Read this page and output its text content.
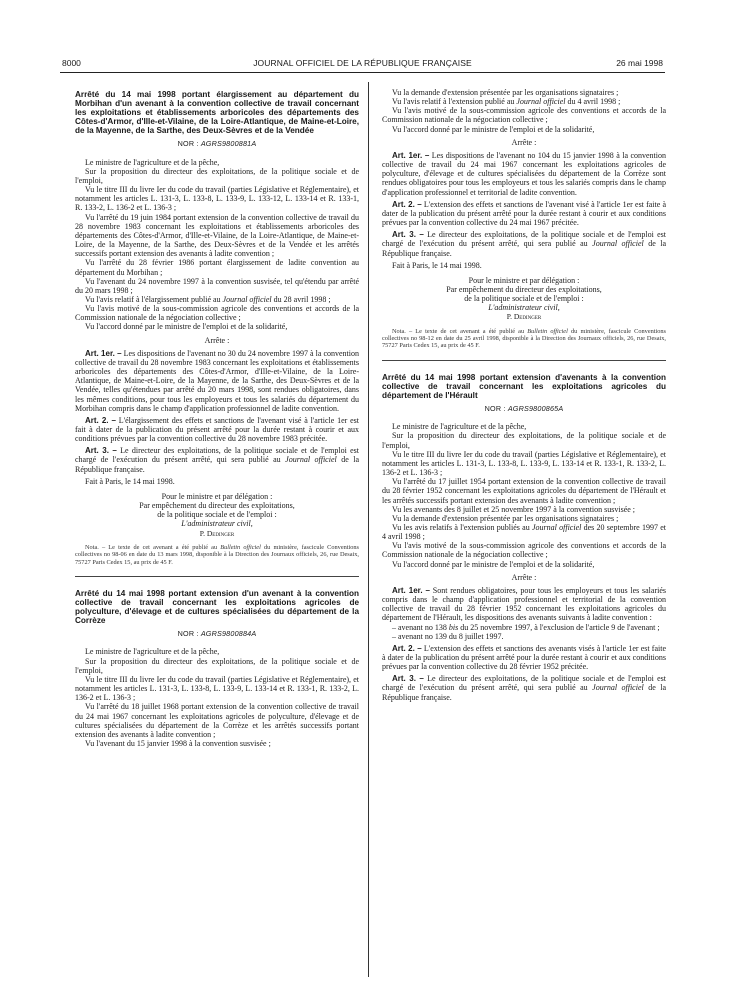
8000	JOURNAL OFFICIEL DE LA RÉPUBLIQUE FRANÇAISE	26 mai 1998
Arrêté du 14 mai 1998 portant élargissement au département du Morbihan d'un avenant à la convention collective de travail concernant les exploitations et établissements arboricoles des départements des Côtes-d'Armor, d'Ille-et-Vilaine, de la Loire-Atlantique, de Maine-et-Loire, de la Mayenne, de la Sarthe, des Deux-Sèvres et de la Vendée
NOR : AGRS9800881A

Le ministre de l'agriculture et de la pêche,

Sur la proposition du directeur des exploitations, de la politique sociale et de l'emploi,

Vu le titre III du livre Ier du code du travail (parties Législative et Réglementaire), et notamment les articles L. 131-3, L. 133-8, L. 133-9, L. 133-12, L. 133-14 et R. 133-1, R. 133-2, L. 136-2 et L. 136-3 ;

Vu l'arrêté du 19 juin 1984 portant extension de la convention collective de travail du 28 novembre 1983 concernant les exploitations et établissements arboricoles des départements des Côtes-d'Armor, d'Ille-et-Vilaine, de la Loire-Atlantique, de Maine-et-Loire, de la Mayenne, de la Sarthe, des Deux-Sèvres et de la Vendée et les arrêtés successifs portant extension des avenants à ladite convention ;

Vu l'arrêté du 28 février 1986 portant élargissement de ladite convention au département du Morbihan ;

Vu l'avenant du 24 novembre 1997 à la convention susvisée, tel qu'étendu par arrêté du 20 mars 1998 ;

Vu l'avis relatif à l'élargissement publié au Journal officiel du 28 avril 1998 ;

Vu l'avis motivé de la sous-commission agricole des conventions et accords de la Commission nationale de la négociation collective ;

Vu l'accord donné par le ministre de l'emploi et de la solidarité,

Arrête :

Art. 1er. – Les dispositions de l'avenant no 30 du 24 novembre 1997 à la convention collective de travail du 28 novembre 1983 concernant les exploitations et établissements arboricoles des départements des Côtes-d'Armor, d'Ille-et-Vilaine, de la Loire-Atlantique, de Maine-et-Loire, de la Mayenne, de la Sarthe, des Deux-Sèvres et de la Vendée, telles qu'étendues par arrêté du 20 mars 1998, sont rendues obligatoires, dans les mêmes conditions, pour tous les employeurs et tous les salariés du département du Morbihan compris dans le champ d'application professionnel de ladite convention.

Art. 2. – L'élargissement des effets et sanctions de l'avenant visé à l'article 1er est fait à dater de la publication du présent arrêté pour la durée restant à courir et aux conditions prévues par la convention collective du 28 novembre 1983 précitée.

Art. 3. – Le directeur des exploitations, de la politique sociale et de l'emploi est chargé de l'exécution du présent arrêté, qui sera publié au Journal officiel de la République française.

Fait à Paris, le 14 mai 1998.

Pour le ministre et par délégation :

Par empêchement du directeur des exploitations,

de la politique sociale et de l'emploi :

L'administrateur civil,

P. Dedinger

Nota. – Le texte de cet avenant a été publié au Bulletin officiel du ministère, fascicule Conventions collectives no 98-06 en date du 13 mars 1998, disponible à la Direction des Journaux officiels, 26, rue Desaix, 75727 Paris Cedex 15, au prix de 45 F.

Arrêté du 14 mai 1998 portant extension d'un avenant à la convention collective de travail concernant les exploitations agricoles de polyculture, d'élevage et de cultures spécialisées du département de la Corrèze
NOR : AGRS9800884A

Le ministre de l'agriculture et de la pêche,

Sur la proposition du directeur des exploitations, de la politique sociale et de l'emploi,

Vu le titre III du livre Ier du code du travail (parties Législative et Réglementaire), et notamment les articles L. 131-3, L. 133-8, L. 133-9, L. 133-14 et R. 133-1, R. 133-2, L. 136-2 et L. 136-3 ;

Vu l'arrêté du 18 juillet 1968 portant extension de la convention collective de travail du 24 mai 1967 concernant les exploitations agricoles de polyculture, d'élevage et de cultures spécialisées du département de la Corrèze et les arrêtés successifs portant extension des avenants à ladite convention ;

Vu l'avenant du 15 janvier 1998 à la convention susvisée ;

Vu la demande d'extension présentée par les organisations signataires ;

Vu l'avis relatif à l'extension publié au Journal officiel du 4 avril 1998 ;

Vu l'avis motivé de la sous-commission agricole des conventions et accords de la Commission nationale de la négociation collective ;

Vu l'accord donné par le ministre de l'emploi et de la solidarité,

Arrête :

Art. 1er. – Les dispositions de l'avenant no 104 du 15 janvier 1998 à la convention collective de travail du 24 mai 1967 concernant les exploitations agricoles de polyculture, d'élevage et de cultures spécialisées du département de la Corrèze sont rendues obligatoires pour tous les employeurs et tous les salariés compris dans le champ d'application professionnel et territorial de ladite convention.

Art. 2. – L'extension des effets et sanctions de l'avenant visé à l'article 1er est faite à dater de la publication du présent arrêté pour la durée restant à courir et aux conditions prévues par la convention collective du 24 mai 1967 précitée.

Art. 3. – Le directeur des exploitations, de la politique sociale et de l'emploi est chargé de l'exécution du présent arrêté, qui sera publié au Journal officiel de la République française.

Fait à Paris, le 14 mai 1998.

Pour le ministre et par délégation :

Par empêchement du directeur des exploitations,

de la politique sociale et de l'emploi :

L'administrateur civil,

P. Dedinger

Nota. – Le texte de cet avenant a été publié au Bulletin officiel du ministère, fascicule Conventions collectives no 98-12 en date du 25 avril 1998, disponible à la Direction des Journaux officiels, 26, rue Desaix, 75727 Paris Cedex 15, au prix de 45 F.

Arrêté du 14 mai 1998 portant extension d'avenants à la convention collective de travail concernant les exploitations agricoles du département de l'Hérault
NOR : AGRS9800865A

Le ministre de l'agriculture et de la pêche,

Sur la proposition du directeur des exploitations, de la politique sociale et de l'emploi,

Vu le titre III du livre Ier du code du travail (parties Législative et Réglementaire), et notamment les articles L. 131-3, L. 133-8, L. 133-9, L. 133-14 et R. 133-1, R. 133-2, L. 136-2 et L. 136-3 ;

Vu l'arrêté du 17 juillet 1954 portant extension de la convention collective de travail du 28 février 1952 concernant les exploitations agricoles du département de l'Hérault et les arrêtés successifs portant extension des avenants à ladite convention ;

Vu les avenants des 8 juillet et 25 novembre 1997 à la convention susvisée ;

Vu la demande d'extension présentée par les organisations signataires ;

Vu les avis relatifs à l'extension publiés au Journal officiel des 20 septembre 1997 et 4 avril 1998 ;

Vu l'avis motivé de la sous-commission agricole des conventions et accords de la Commission nationale de la négociation collective ;

Vu l'accord donné par le ministre de l'emploi et de la solidarité,

Arrête :

Art. 1er. – Sont rendues obligatoires, pour tous les employeurs et tous les salariés compris dans le champ d'application professionnel et territorial de la convention collective de travail du 28 février 1952 concernant les exploitations agricoles du département de l'Hérault, les dispositions des avenants suivants à ladite convention :

– avenant no 138 bis du 25 novembre 1997, à l'exclusion de l'article 9 de l'avenant ;

– avenant no 139 du 8 juillet 1997.

Art. 2. – L'extension des effets et sanctions des avenants visés à l'article 1er est faite à dater de la publication du présent arrêté pour la durée restant à courir et aux conditions prévues par la convention collective du 28 février 1952 précitée.

Art. 3. – Le directeur des exploitations, de la politique sociale et de l'emploi est chargé de l'exécution du présent arrêté, qui sera publié au Journal officiel de la République française.
